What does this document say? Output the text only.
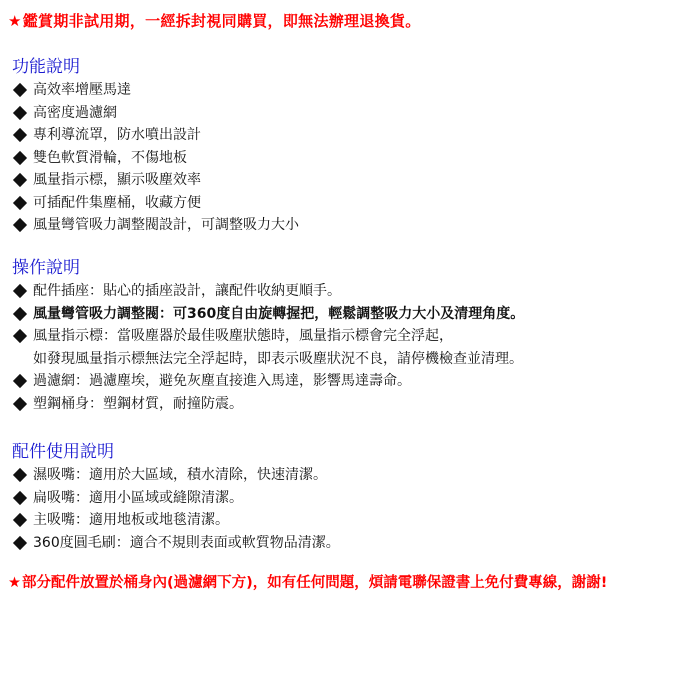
★鑑賞期非試用期，一經拆封視同購買，即無法辦理退換貨。
功能說明
高效率增壓馬達
高密度過濾網
專利導流罩，防水噴出設計
雙色軟質滑輪，不傷地板
風量指示標，顯示吸塵效率
可插配件集塵桶，收藏方便
風量彎管吸力調整閥設計，可調整吸力大小
操作說明
配件插座：貼心的插座設計，讓配件收納更順手。
風量彎管吸力調整閥：可360度自由旋轉握把，輕鬆調整吸力大小及清理角度。
風量指示標：當吸塵器於最佳吸塵狀態時，風量指示標會完全浮起，
如發現風量指示標無法完全浮起時，即表示吸塵狀況不良，請停機檢查並清理。
過濾網：過濾塵埃，避免灰塵直接進入馬達，影響馬達壽命。
塑鋼桶身：塑鋼材質，耐撞防震。
配件使用說明
濕吸嘴：適用於大區域，積水清除，快速清潔。
扁吸嘴：適用小區域或縫隙清潔。
主吸嘴：適用地板或地毯清潔。
360度圓毛刷：適合不規則表面或軟質物品清潔。
★部分配件放置於桶身內(過濾網下方)，如有任何問題，煩請電聯保證書上免付費專線，謝謝!
